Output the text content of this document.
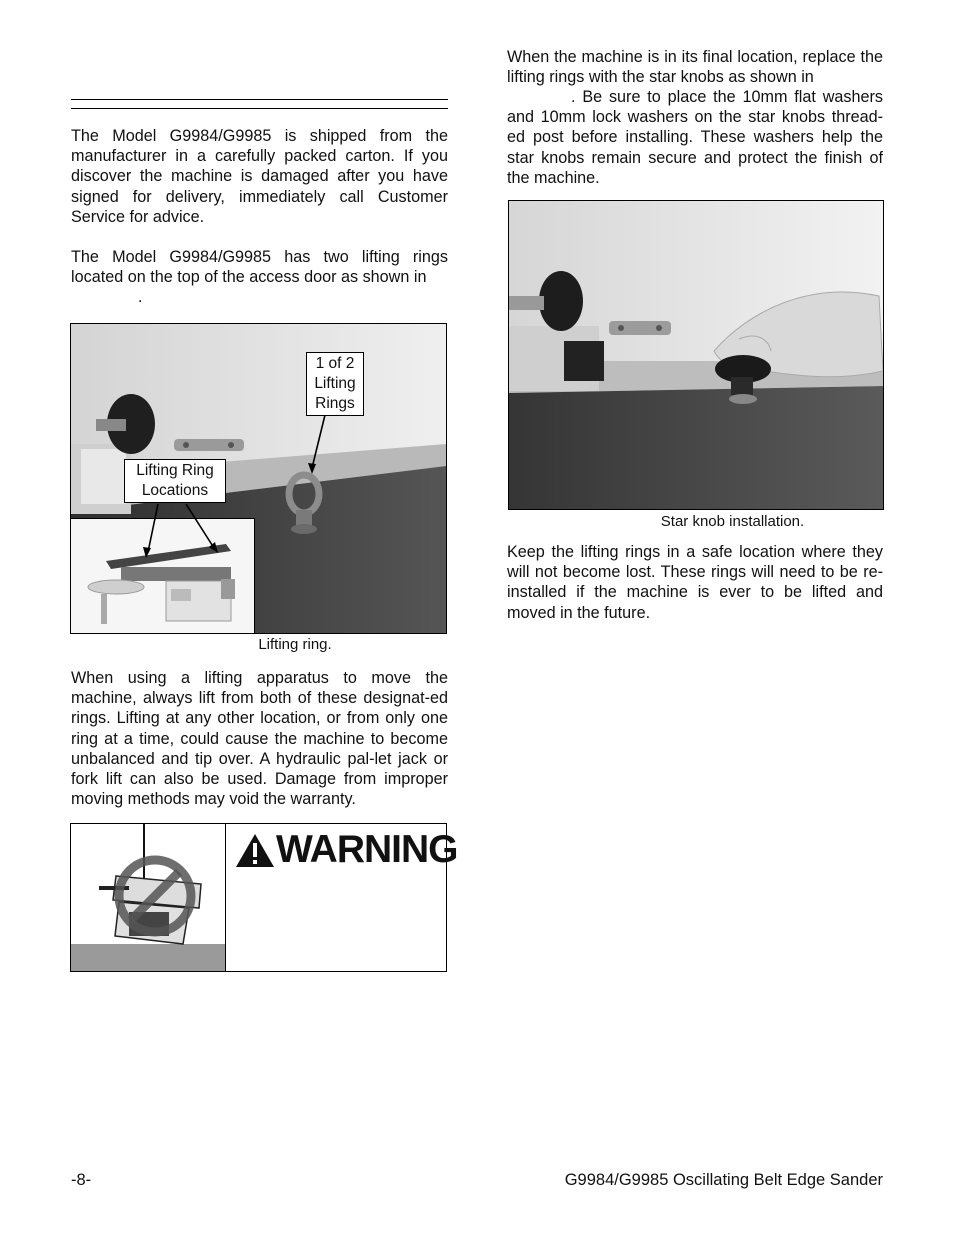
The Model G9984/G9985 is shipped from the manufacturer in a carefully packed carton. If you discover the machine is damaged after you have signed for delivery, immediately call Customer Service for advice.

The Model G9984/G9985 has two lifting rings located on the top of the access door as shown in

.
1 of 2 Lifting Rings
Lifting Ring Locations
Lifting ring.

When using a lifting apparatus to move the machine, always lift from both of these designat-ed rings. Lifting at any other location, or from only one ring at a time, could cause the machine to become unbalanced and tip over. A hydraulic pal-let jack or fork lift can also be used. Damage from improper moving methods may void the warranty.

WARNING

When the machine is in its final location, replace the lifting rings with the star knobs as shown in

. Be sure to place the 10mm flat washers and 10mm lock washers on the star knobs thread-ed post before installing. These washers help the star knobs remain secure and protect the finish of the machine.

Star knob installation.

Keep the lifting rings in a safe location where they will not become lost. These rings will need to be re-installed if the machine is ever to be lifted and moved in the future.

-8-	G9984/G9985 Oscillating Belt Edge Sander
